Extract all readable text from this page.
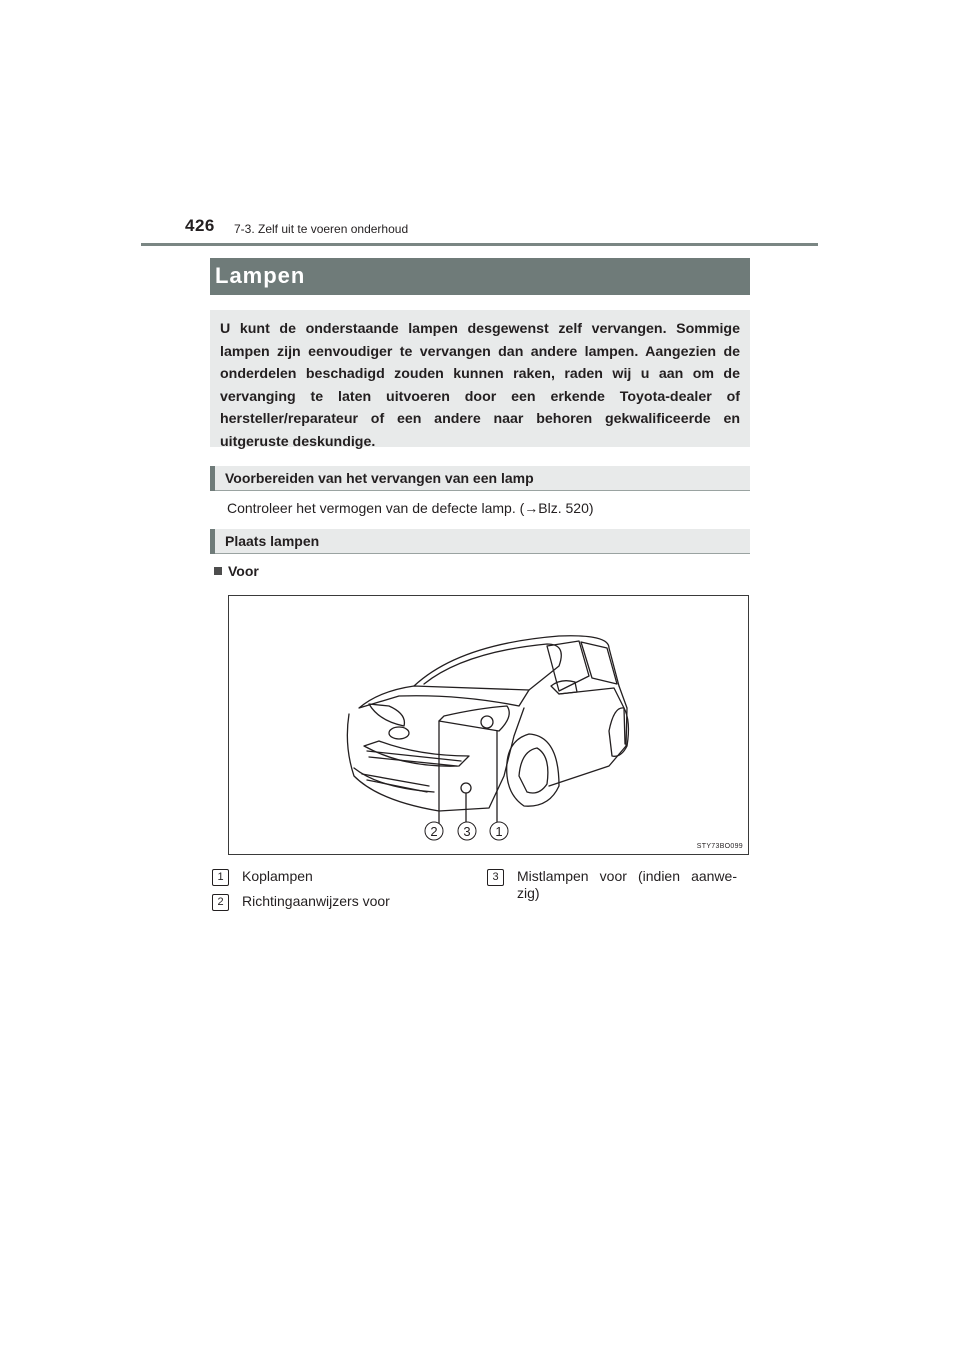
426 7-3. Zelf uit te voeren onderhoud
Lampen
U kunt de onderstaande lampen desgewenst zelf vervangen. Sommige lampen zijn eenvoudiger te vervangen dan andere lampen. Aangezien de onderdelen beschadigd zouden kunnen raken, raden wij u aan om de vervanging te laten uitvoeren door een erkende Toyota-dealer of hersteller/reparateur of een andere naar behoren gekwalificeerde en uitgeruste deskundige.
Voorbereiden van het vervangen van een lamp
Controleer het vermogen van de defecte lamp. (→Blz. 520)
Plaats lampen
Voor
2 3 1
STY73BO099
1	Koplampen
2	Richtingaanwijzers voor
3	Mistlampen voor (indien aanwe-zig)
